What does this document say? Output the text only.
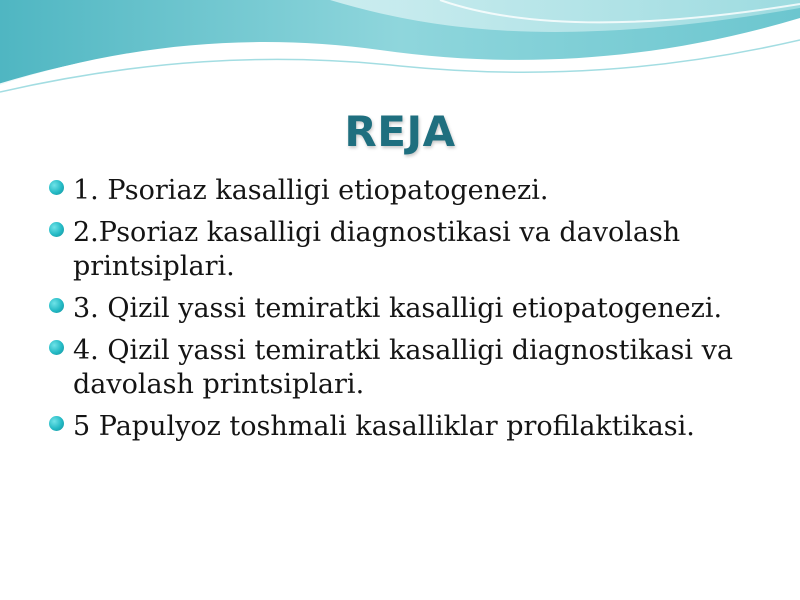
REJA
1. Psoriaz kasalligi etiopatogenezi.
2.Psoriaz kasalligi diagnostikasi va davolash printsiplari.
3. Qizil yassi temiratki kasalligi etiopatogenezi.
4. Qizil yassi temiratki kasalligi diagnostikasi va davolash printsiplari.
5 Papulyoz toshmali kasalliklar profilaktikasi.
